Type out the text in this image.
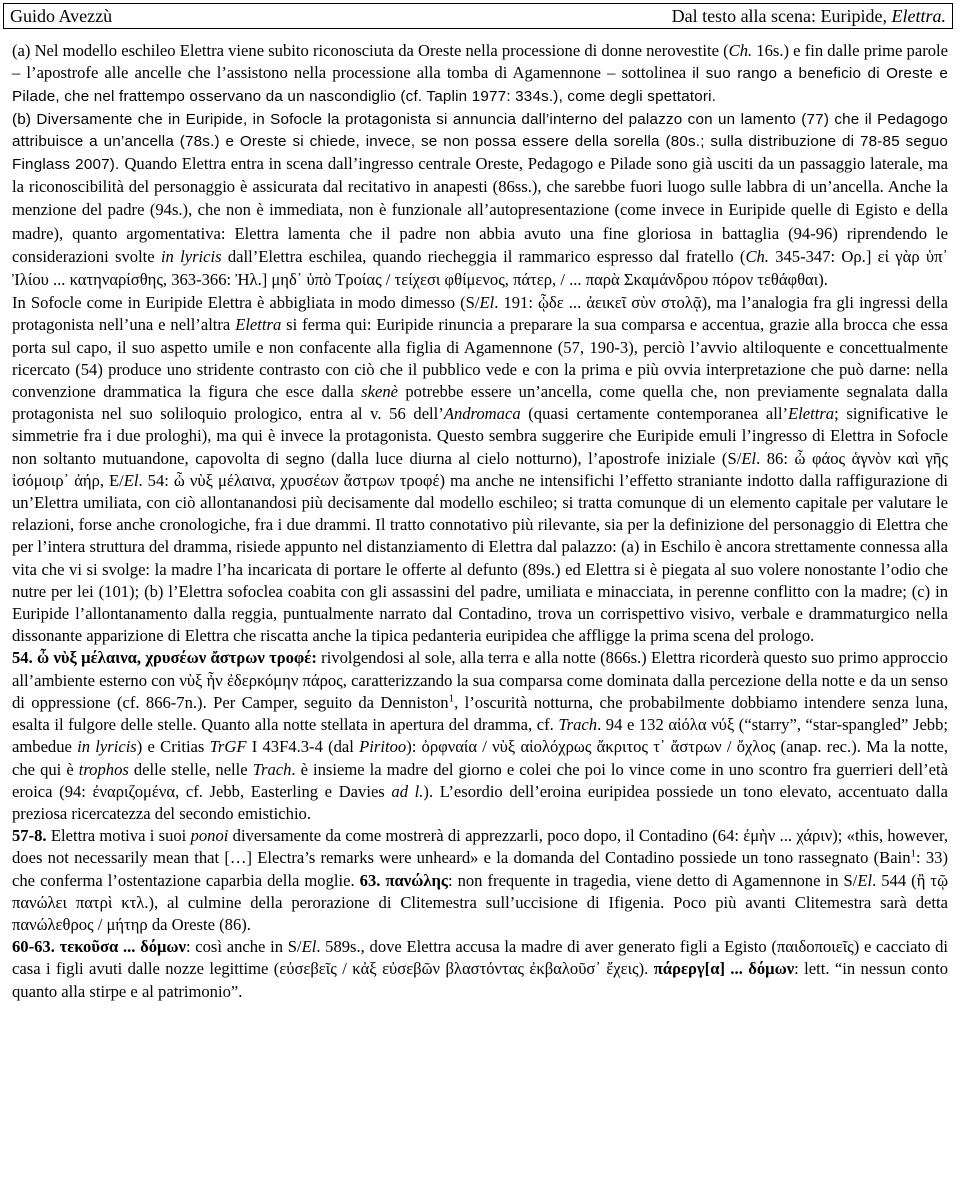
Guido Avezzù	Dal testo alla scena: Euripide, Elettra.

(a) Nel modello eschileo Elettra viene subito riconosciuta da Oreste nella processione di donne nerovestite (Ch. 16s.) e fin dalle prime parole – l’apostrofe alle ancelle che l’assistono nella processione alla tomba di Agamennone – sottolinea il suo rango a beneficio di Oreste e Pilade, che nel frattempo osservano da un nascondiglio (cf. Taplin 1977: 334s.), come degli spettatori.

(b) Diversamente che in Euripide, in Sofocle la protagonista si annuncia dall’interno del palazzo con un lamento (77) che il Pedagogo attribuisce a un’ancella (78s.) e Oreste si chiede, invece, se non possa essere della sorella (80s.; sulla distribuzione di 78-85 seguo Finglass 2007). Quando Elettra entra in scena dall’ingresso centrale Oreste, Pedagogo e Pilade sono già usciti da un passaggio laterale, ma la riconoscibilità del personaggio è assicurata dal recitativo in anapesti (86ss.), che sarebbe fuori luogo sulle labbra di un’ancella. Anche la menzione del padre (94s.), che non è immediata, non è funzionale all’autopresentazione (come invece in Euripide quelle di Egisto e della madre), quanto argomentativa: Elettra lamenta che il padre non abbia avuto una fine gloriosa in battaglia (94-96) riprendendo le considerazioni svolte in lyricis dall’Elettra eschilea, quando riecheggia il rammarico espresso dal fratello (Ch. 345-347: Ορ.] εἰ γὰρ ὑπ᾽ Ἰλίου ... κατηναρίσθης, 363-366: Ἠλ.] μηδ᾽ ὑπὸ Τροίας / τείχεσι φθίμενος, πάτερ, / ... παρὰ Σκαμάνδρου πόρον τεθάφθαι).

In Sofocle come in Euripide Elettra è abbigliata in modo dimesso (S/El. 191: ᾧδε ... ἀεικεῖ σὺν στολᾷ), ma l’analogia fra gli ingressi della protagonista nell’una e nell’altra Elettra si ferma qui: Euripide rinuncia a preparare la sua comparsa e accentua, grazie alla brocca che essa porta sul capo, il suo aspetto umile e non confacente alla figlia di Agamennone (57, 190-3), perciò l’avvio altiloquente e concettualmente ricercato (54) produce uno stridente contrasto con ciò che il pubblico vede e con la prima e più ovvia interpretazione che può darne: nella convenzione drammatica la figura che esce dalla skenè potrebbe essere un’ancella, come quella che, non previamente segnalata dalla protagonista nel suo soliloquio prologico, entra al v. 56 dell’Andromaca (quasi certamente contemporanea all’Elettra; significative le simmetrie fra i due prologhi), ma qui è invece la protagonista. Questo sembra suggerire che Euripide emuli l’ingresso di Elettra in Sofocle non soltanto mutuandone, capovolta di segno (dalla luce diurna al cielo notturno), l’apostrofe iniziale (S/El. 86: ὦ φάος ἁγνὸν καὶ γῆς ἰσόμοιρ᾽ ἀήρ, E/El. 54: ὦ νὺξ μέλαινα, χρυσέων ἄστρων τροφέ) ma anche ne intensifichi l’effetto straniante indotto dalla raffigurazione di un’Elettra umiliata, con ciò allontanandosi più decisamente dal modello eschileo; si tratta comunque di un elemento capitale per valutare le relazioni, forse anche cronologiche, fra i due drammi. Il tratto connotativo più rilevante, sia per la definizione del personaggio di Elettra che per l’intera struttura del dramma, risiede appunto nel distanziamento di Elettra dal palazzo: (a) in Eschilo è ancora strettamente connessa alla vita che vi si svolge: la madre l’ha incaricata di portare le offerte al defunto (89s.) ed Elettra si è piegata al suo volere nonostante l’odio che nutre per lei (101); (b) l’Elettra sofoclea coabita con gli assassini del padre, umiliata e minacciata, in perenne conflitto con la madre; (c) in Euripide l’allontanamento dalla reggia, puntualmente narrato dal Contadino, trova un corrispettivo visivo, verbale e drammaturgico nella dissonante apparizione di Elettra che riscatta anche la tipica pedanteria euripidea che affligge la prima scena del prologo.

54. ὦ νὺξ μέλαινα, χρυσέων ἄστρων τροφέ: rivolgendosi al sole, alla terra e alla notte (866s.) Elettra ricorderà questo suo primo approccio all’ambiente esterno con νὺξ ἦν ἐδερκόμην πάρος, caratterizzando la sua comparsa come dominata dalla percezione della notte e da un senso di oppressione (cf. 866-7n.). Per Camper, seguito da Denniston$^1$, l’oscurità notturna, che probabilmente dobbiamo intendere senza luna, esalta il fulgore delle stelle. Quanto alla notte stellata in apertura del dramma, cf. Trach. 94 e 132 αἰόλα νύξ (“starry”, “star-spangled” Jebb; ambedue in lyricis) e Critias TrGF I 43F4.3-4 (dal Piritoo): ὀρφναία / νὺξ αἰολόχρως ἄκριτος τ᾽ ἄστρων / ὄχλος (anap. rec.). Ma la notte, che qui è trophos delle stelle, nelle Trach. è insieme la madre del giorno e colei che poi lo vince come in uno scontro fra guerrieri dell’età eroica (94: ἐναριζομένα, cf. Jebb, Easterling e Davies ad l.). L’esordio dell’eroina euripidea possiede un tono elevato, accentuato dalla preziosa ricercatezza del secondo emistichio.

57-8. Elettra motiva i suoi ponoi diversamente da come mostrerà di apprezzarli, poco dopo, il Contadino (64: ἐμὴν ... χάριν); «this, however, does not necessarily mean that […] Electra’s remarks were unheard» e la domanda del Contadino possiede un tono rassegnato (Bain$^1$: 33) che conferma l’ostentazione caparbia della moglie. 63. πανώλης: non frequente in tragedia, viene detto di Agamennone in S/El. 544 (ἢ τῷ πανώλει πατρὶ κτλ.), al culmine della perorazione di Clitemestra sull’uccisione di Ifigenia. Poco più avanti Clitemestra sarà detta πανώλεθρος / μήτηρ da Oreste (86).

60-63. τεκοῦσα ... δόμων: così anche in S/El. 589s., dove Elettra accusa la madre di aver generato figli a Egisto (παιδοποιεῖς) e cacciato di casa i figli avuti dalle nozze legittime (εὐσεβεῖς / κἀξ εὐσεβῶν βλαστόντας ἐκβαλοῦσ᾽ ἔχεις). πάρεργ[α] ... δόμων: lett. “in nessun conto quanto alla stirpe e al patrimonio”.
